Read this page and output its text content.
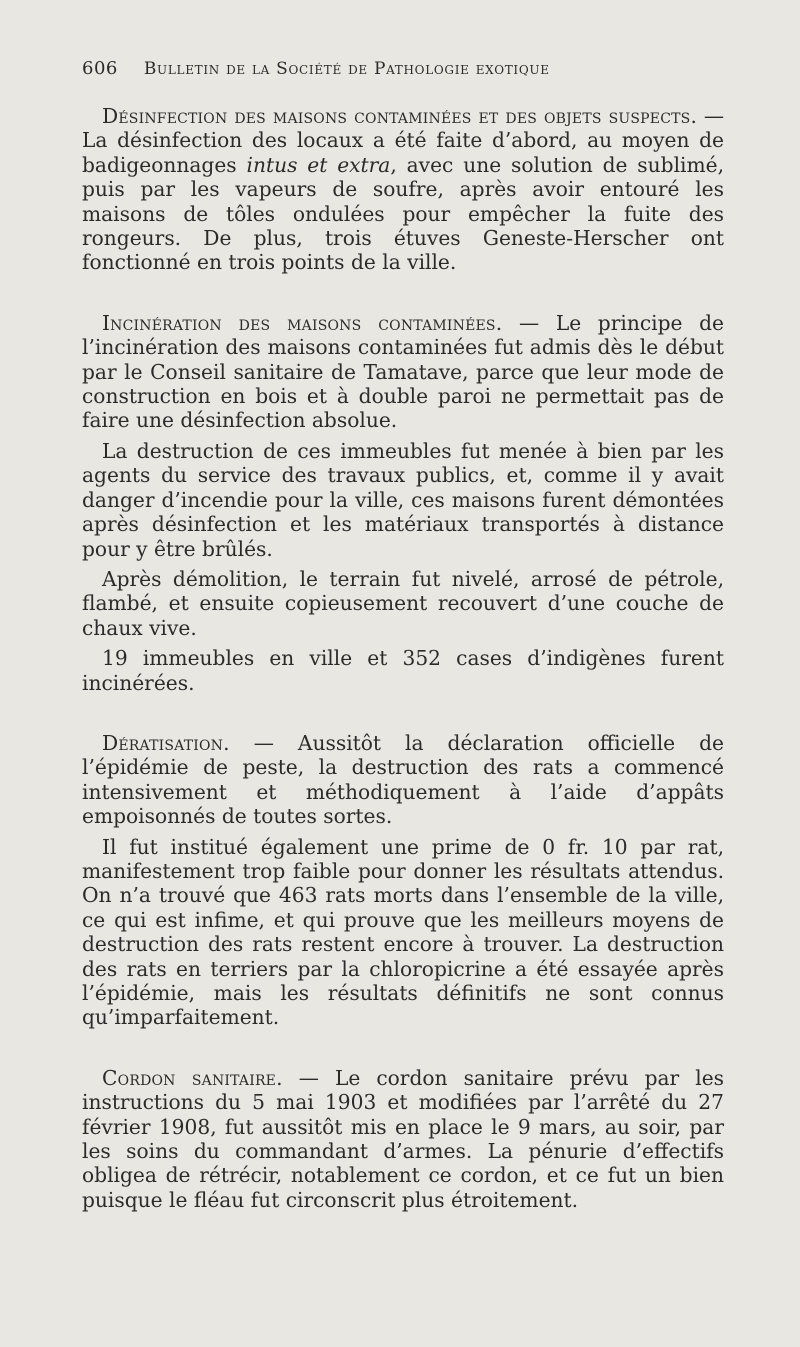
606 Bulletin de la Société de Pathologie exotique

Désinfection des maisons contaminées et des objets suspects. — La désinfection des locaux a été faite d’abord, au moyen de badigeonnages intus et extra, avec une solution de sublimé, puis par les vapeurs de soufre, après avoir entouré les maisons de tôles ondulées pour empêcher la fuite des rongeurs. De plus, trois étuves Geneste-Herscher ont fonctionné en trois points de la ville.

Incinération des maisons contaminées. — Le principe de l’incinération des maisons contaminées fut admis dès le début par le Conseil sanitaire de Tamatave, parce que leur mode de construction en bois et à double paroi ne permettait pas de faire une désinfection absolue.

La destruction de ces immeubles fut menée à bien par les agents du service des travaux publics, et, comme il y avait danger d’incendie pour la ville, ces maisons furent démontées après désinfection et les matériaux transportés à distance pour y être brûlés.

Après démolition, le terrain fut nivelé, arrosé de pétrole, flambé, et ensuite copieusement recouvert d’une couche de chaux vive.

19 immeubles en ville et 352 cases d’indigènes furent incinérées.

Dératisation. — Aussitôt la déclaration officielle de l’épidémie de peste, la destruction des rats a commencé intensivement et méthodiquement à l’aide d’appâts empoisonnés de toutes sortes.

Il fut institué également une prime de 0 fr. 10 par rat, manifestement trop faible pour donner les résultats attendus. On n’a trouvé que 463 rats morts dans l’ensemble de la ville, ce qui est infime, et qui prouve que les meilleurs moyens de destruction des rats restent encore à trouver. La destruction des rats en terriers par la chloropicrine a été essayée après l’épidémie, mais les résultats définitifs ne sont connus qu’imparfaitement.

Cordon sanitaire. — Le cordon sanitaire prévu par les instructions du 5 mai 1903 et modifiées par l’arrêté du 27 février 1908, fut aussitôt mis en place le 9 mars, au soir, par les soins du commandant d’armes. La pénurie d’effectifs obligea de rétrécir, notablement ce cordon, et ce fut un bien puisque le fléau fut circonscrit plus étroitement.
